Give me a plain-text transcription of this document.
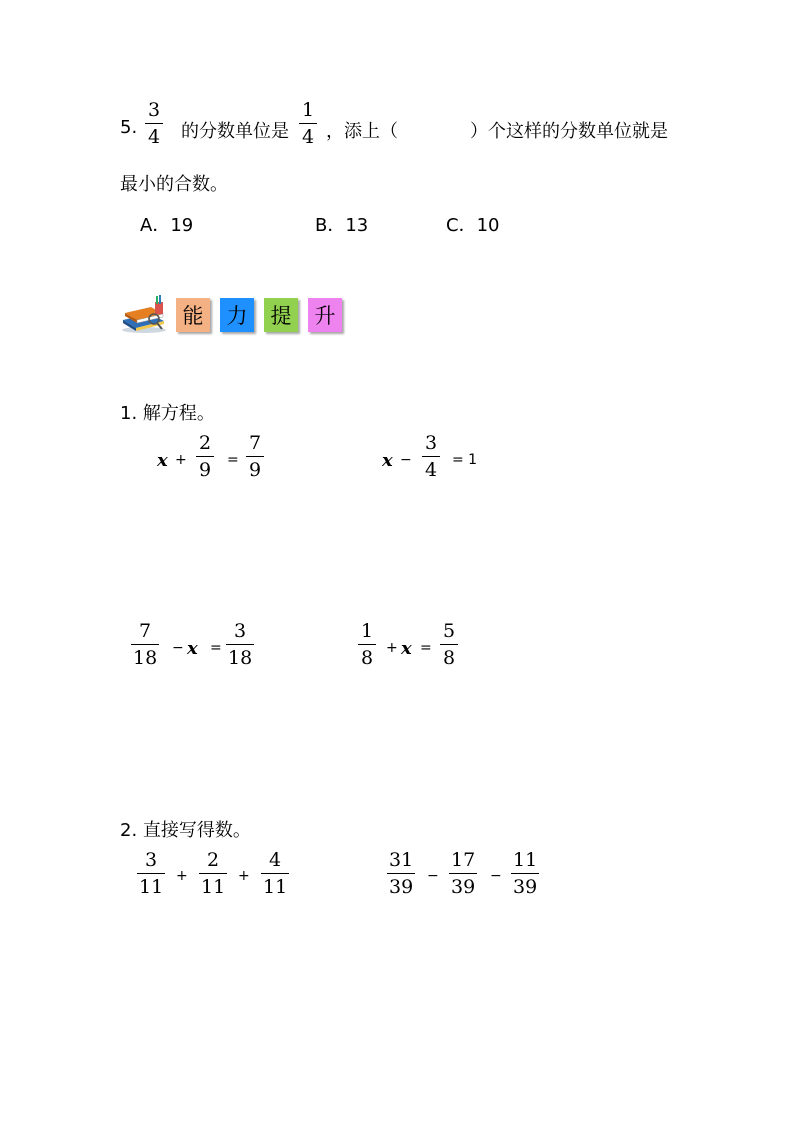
5.
3
4 的分数单位是
1
4 ，添上（	）个这样的分数单位就是
最小的合数。
A．19	B．13	C．10
能	力	提	升
1. 解方程。
x +
2
9 =
7
9	x −
3
4 = 1
7
18 − x =
3
18
1
8 + x =
5
8
2. 直接写得数。
3
11 +
2
11 +
4
11
31
39 −
17
39 −
11
39
